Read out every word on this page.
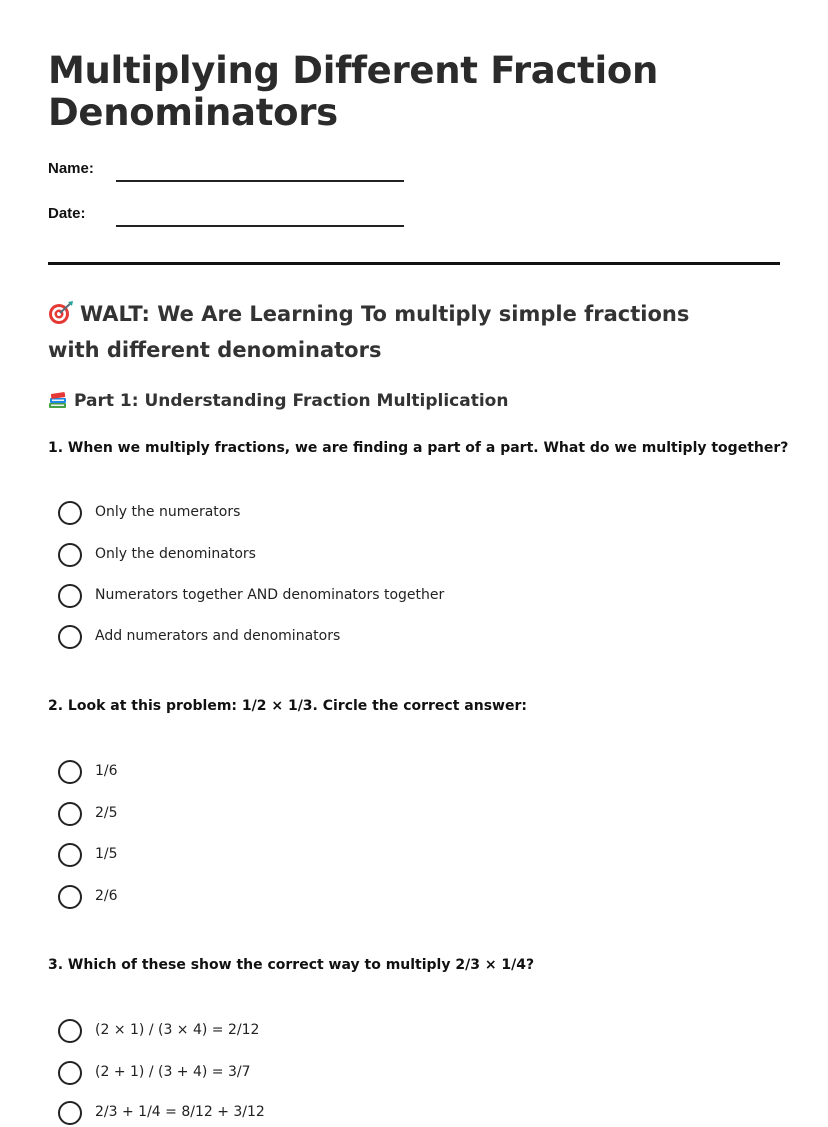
Multiplying Different Fraction Denominators
Name:
Date:
WALT: We Are Learning To multiply simple fractions with different denominators
Part 1: Understanding Fraction Multiplication
1. When we multiply fractions, we are finding a part of a part. What do we multiply together?
Only the numerators
Only the denominators
Numerators together AND denominators together
Add numerators and denominators
2. Look at this problem: 1/2 × 1/3. Circle the correct answer:
1/6
2/5
1/5
2/6
3. Which of these show the correct way to multiply 2/3 × 1/4?
(2 × 1) / (3 × 4) = 2/12
(2 + 1) / (3 + 4) = 3/7
2/3 + 1/4 = 8/12 + 3/12
